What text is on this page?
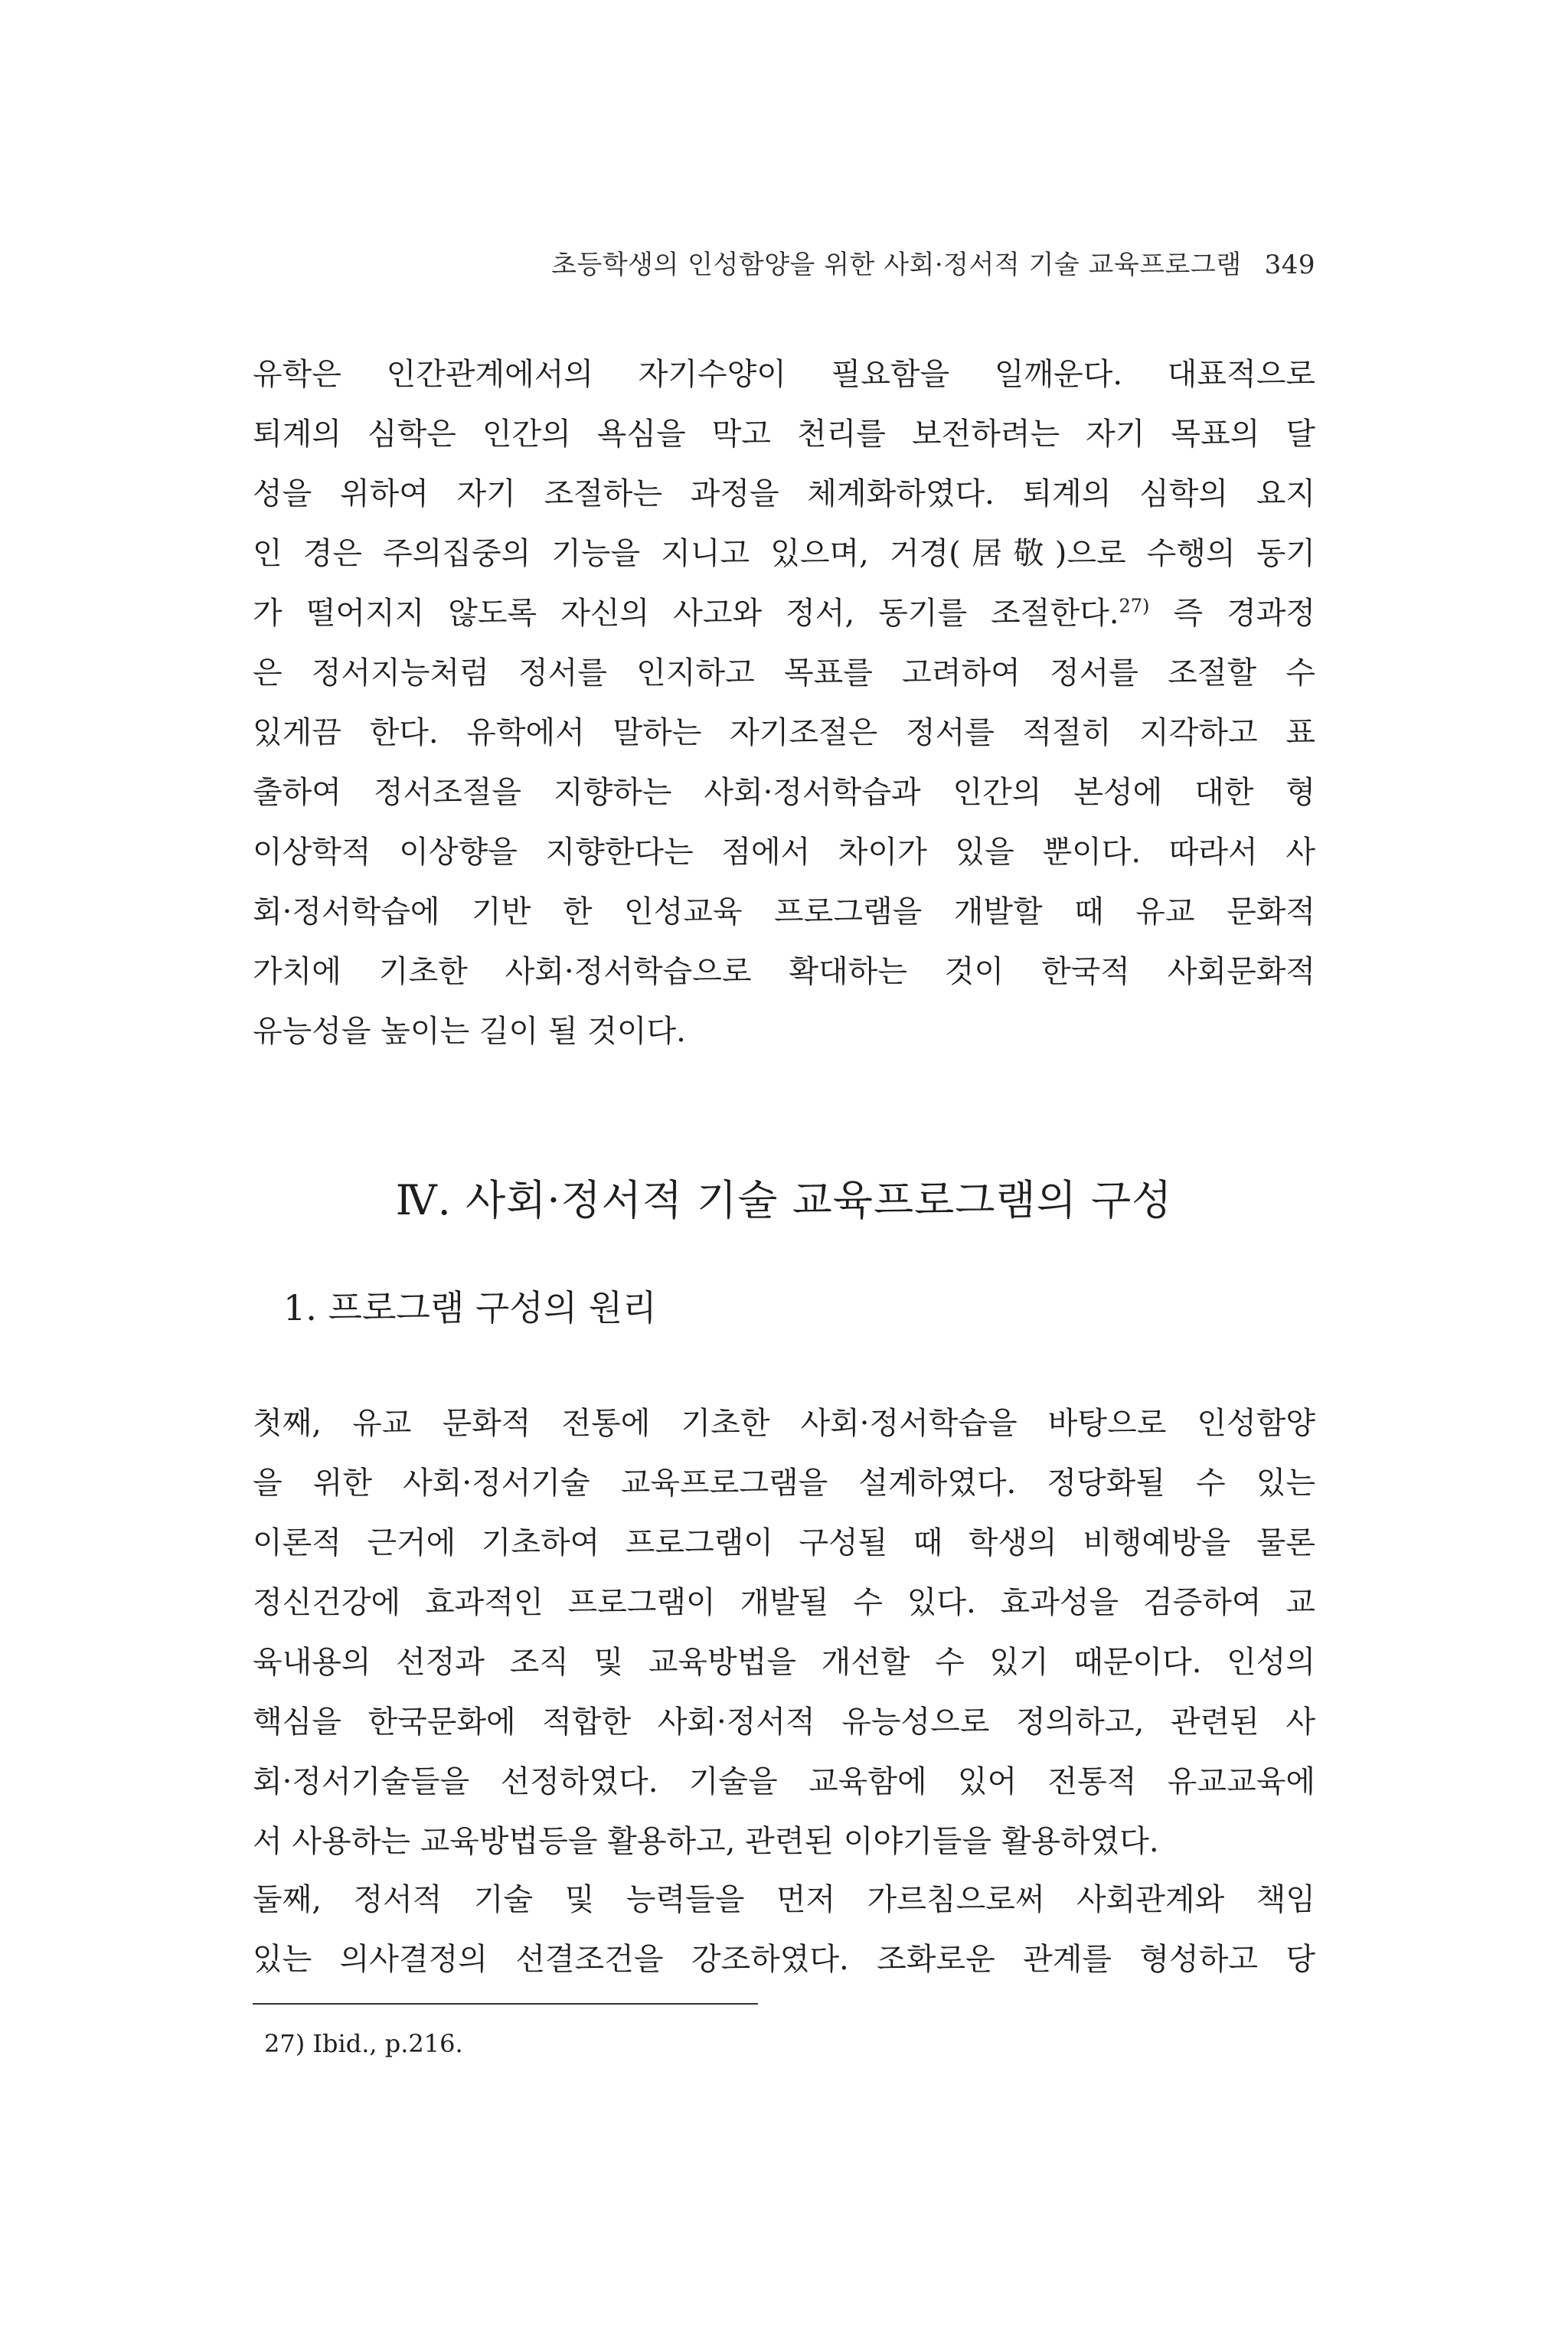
초등학생의 인성함양을 위한 사회·정서적 기술 교육프로그램 349
유학은 인간관계에서의 자기수양이 필요함을 일깨운다. 대표적으로
퇴계의 심학은 인간의 욕심을 막고 천리를 보전하려는 자기 목표의 달
성을 위하여 자기 조절하는 과정을 체계화하였다. 퇴계의 심학의 요지
인 경은 주의집중의 기능을 지니고 있으며, 거경(居敬)으로 수행의 동기
가 떨어지지 않도록 자신의 사고와 정서, 동기를 조절한다.$^{27)}$ 즉 경과정
은 정서지능처럼 정서를 인지하고 목표를 고려하여 정서를 조절할 수
있게끔 한다. 유학에서 말하는 자기조절은 정서를 적절히 지각하고 표
출하여 정서조절을 지향하는 사회·정서학습과 인간의 본성에 대한 형
이상학적 이상향을 지향한다는 점에서 차이가 있을 뿐이다. 따라서 사
회·정서학습에 기반 한 인성교육 프로그램을 개발할 때 유교 문화적
가치에 기초한 사회·정서학습으로 확대하는 것이 한국적 사회문화적
유능성을 높이는 길이 될 것이다.
Ⅳ. 사회·정서적 기술 교육프로그램의 구성
1. 프로그램 구성의 원리
첫째, 유교 문화적 전통에 기초한 사회·정서학습을 바탕으로 인성함양
을 위한 사회·정서기술 교육프로그램을 설계하였다. 정당화될 수 있는
이론적 근거에 기초하여 프로그램이 구성될 때 학생의 비행예방을 물론
정신건강에 효과적인 프로그램이 개발될 수 있다. 효과성을 검증하여 교
육내용의 선정과 조직 및 교육방법을 개선할 수 있기 때문이다. 인성의
핵심을 한국문화에 적합한 사회·정서적 유능성으로 정의하고, 관련된 사
회·정서기술들을 선정하였다. 기술을 교육함에 있어 전통적 유교교육에
서 사용하는 교육방법등을 활용하고, 관련된 이야기들을 활용하였다.
둘째, 정서적 기술 및 능력들을 먼저 가르침으로써 사회관계와 책임
있는 의사결정의 선결조건을 강조하였다. 조화로운 관계를 형성하고 당
27) Ibid., p.216.
